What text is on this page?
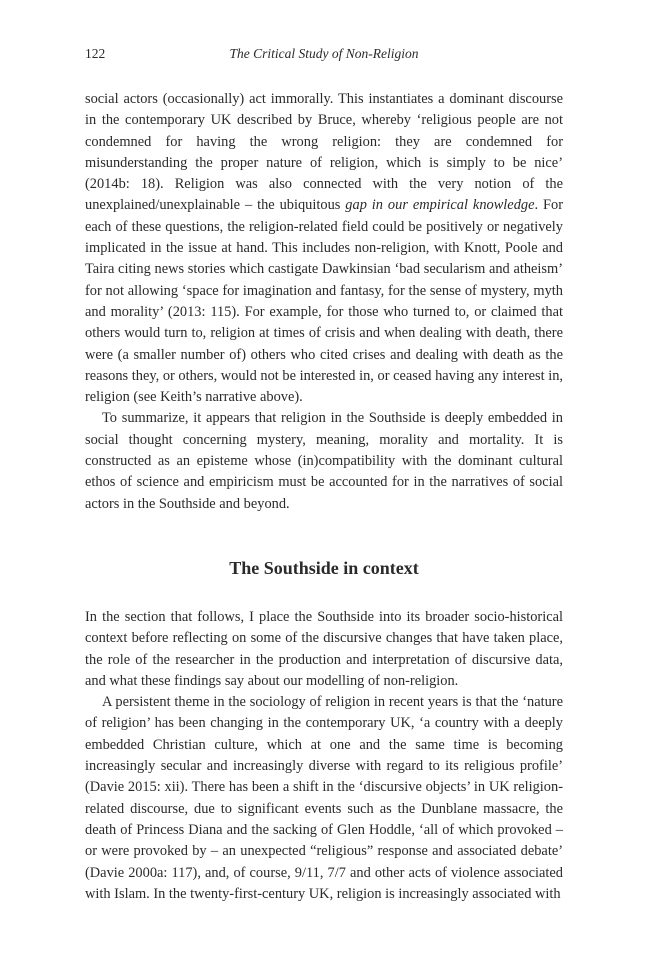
122	The Critical Study of Non-Religion

social actors (occasionally) act immorally. This instantiates a dominant discourse in the contemporary UK described by Bruce, whereby ‘religious people are not condemned for having the wrong religion: they are condemned for misunderstanding the proper nature of religion, which is simply to be nice’ (2014b: 18). Religion was also connected with the very notion of the unexplained/unexplainable – the ubiquitous gap in our empirical knowledge. For each of these questions, the religion-related field could be positively or negatively implicated in the issue at hand. This includes non-religion, with Knott, Poole and Taira citing news stories which castigate Dawkinsian ‘bad secularism and atheism’ for not allowing ‘space for imagination and fantasy, for the sense of mystery, myth and morality’ (2013: 115). For example, for those who turned to, or claimed that others would turn to, religion at times of crisis and when dealing with death, there were (a smaller number of) others who cited crises and dealing with death as the reasons they, or others, would not be interested in, or ceased having any interest in, religion (see Keith’s narrative above).

To summarize, it appears that religion in the Southside is deeply embedded in social thought concerning mystery, meaning, morality and mortality. It is constructed as an episteme whose (in)compatibility with the dominant cultural ethos of science and empiricism must be accounted for in the narratives of social actors in the Southside and beyond.

The Southside in context

In the section that follows, I place the Southside into its broader socio-historical context before reflecting on some of the discursive changes that have taken place, the role of the researcher in the production and interpretation of discursive data, and what these findings say about our modelling of non-religion.

A persistent theme in the sociology of religion in recent years is that the ‘nature of religion’ has been changing in the contemporary UK, ‘a country with a deeply embedded Christian culture, which at one and the same time is becoming increasingly secular and increasingly diverse with regard to its religious profile’ (Davie 2015: xii). There has been a shift in the ‘discursive objects’ in UK religion-related discourse, due to significant events such as the Dunblane massacre, the death of Princess Diana and the sacking of Glen Hoddle, ‘all of which provoked – or were provoked by – an unexpected “religious” response and associated debate’ (Davie 2000a: 117), and, of course, 9/11, 7/7 and other acts of violence associated with Islam. In the twenty-first-century UK, religion is increasingly associated with
